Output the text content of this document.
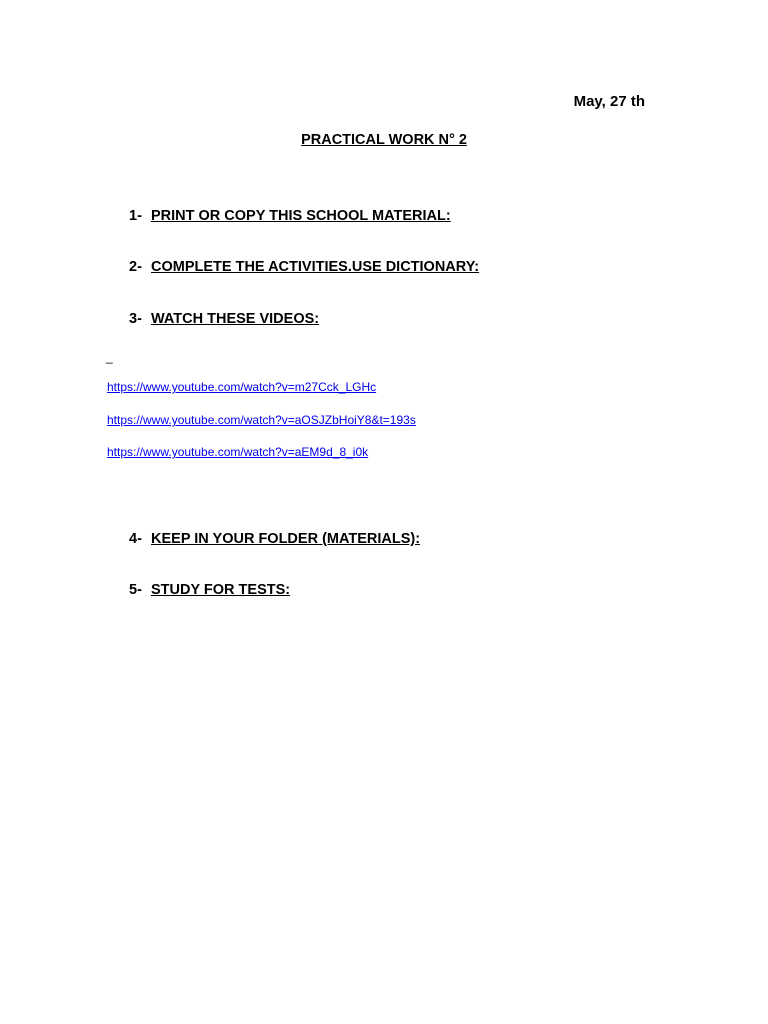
May, 27 th
PRACTICAL WORK N° 2
1- PRINT OR COPY THIS SCHOOL MATERIAL:
2- COMPLETE THE ACTIVITIES.USE DICTIONARY:
3- WATCH THESE VIDEOS:
_
https://www.youtube.com/watch?v=m27Cck_LGHc
https://www.youtube.com/watch?v=aOSJZbHoiY8&t=193s
https://www.youtube.com/watch?v=aEM9d_8_i0k
4- KEEP IN YOUR FOLDER (MATERIALS):
5- STUDY FOR TESTS:
